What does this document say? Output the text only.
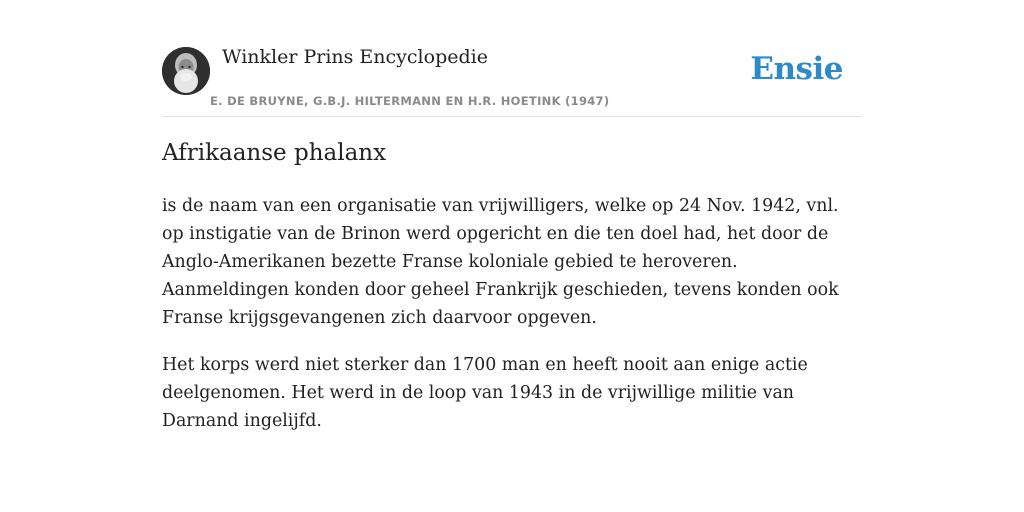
Winkler Prins Encyclopedie
E. DE BRUYNE, G.B.J. HILTERMANN EN H.R. HOETINK (1947)
Ensie
Afrikaanse phalanx

is de naam van een organisatie van vrijwilligers, welke op 24 Nov. 1942, vnl. op instigatie van de Brinon werd opgericht en die ten doel had, het door de Anglo-Amerikanen bezette Franse koloniale gebied te heroveren. Aanmeldingen konden door geheel Frankrijk geschieden, tevens konden ook Franse krijgsgevangenen zich daarvoor opgeven.

Het korps werd niet sterker dan 1700 man en heeft nooit aan enige actie deelgenomen. Het werd in de loop van 1943 in de vrijwillige militie van Darnand ingelijfd.
